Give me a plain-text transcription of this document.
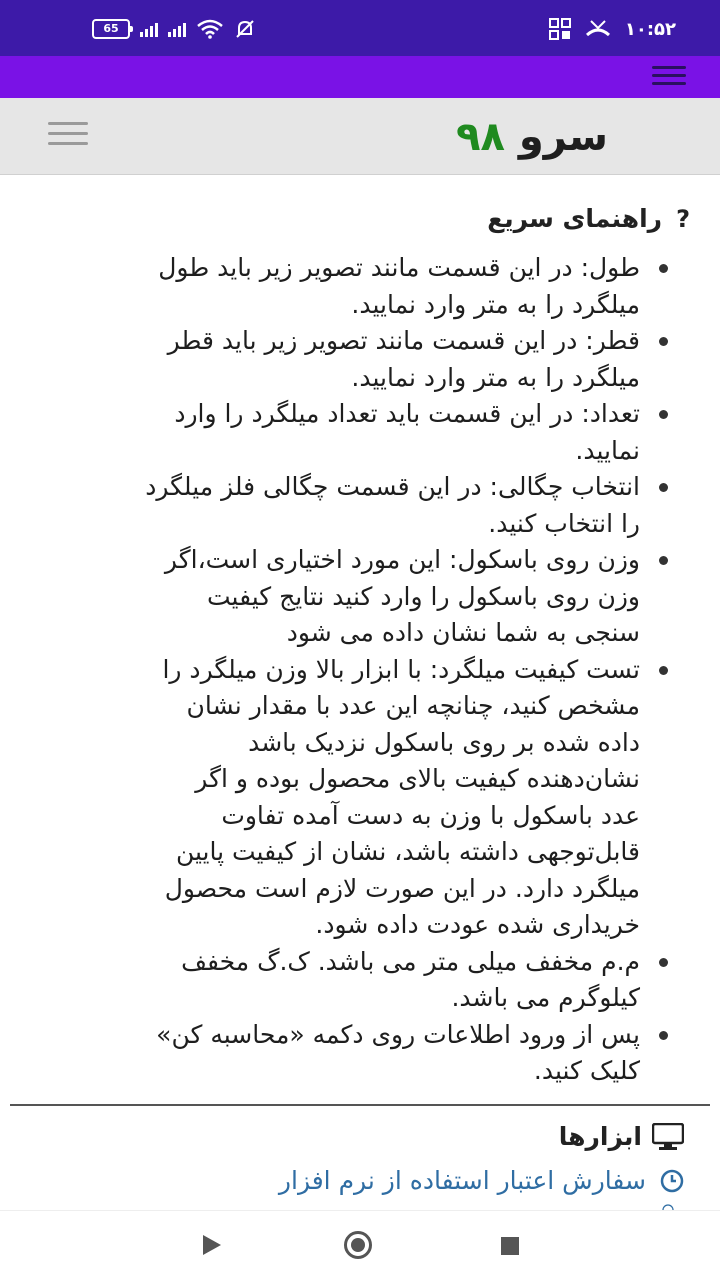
65	۱۰:۵۲
سرو ۹۸
?
راهنمای سریع
طول: در این قسمت مانند تصویر زیر باید طول
میلگرد را به متر وارد نمایید.
قطر: در این قسمت مانند تصویر زیر باید قطر
میلگرد را به متر وارد نمایید.
تعداد: در این قسمت باید تعداد میلگرد را وارد
نمایید.
انتخاب چگالی: در این قسمت چگالی فلز میلگرد
را انتخاب کنید.
وزن روی باسکول: این مورد اختیاری است،اگر
وزن روی باسکول را وارد کنید نتایج کیفیت
سنجی به شما نشان داده می شود
تست کیفیت میلگرد: با ابزار بالا وزن میلگرد را
مشخص کنید، چنانچه این عدد با مقدار نشان
داده شده بر روی باسکول نزدیک باشد
نشان‌دهنده کیفیت بالای محصول بوده و اگر
عدد باسکول با وزن به دست آمده تفاوت
قابل‌توجهی داشته باشد، نشان از کیفیت پایین
میلگرد دارد. در این صورت لازم است محصول
خریداری شده عودت داده شود.
م.م مخفف میلی متر می باشد. ک.گ مخفف
کیلوگرم می باشد.
پس از ورود اطلاعات روی دکمه «محاسبه کن»
کلیک کنید.
ابزارها
سفارش اعتبار استفاده از نرم افزار
